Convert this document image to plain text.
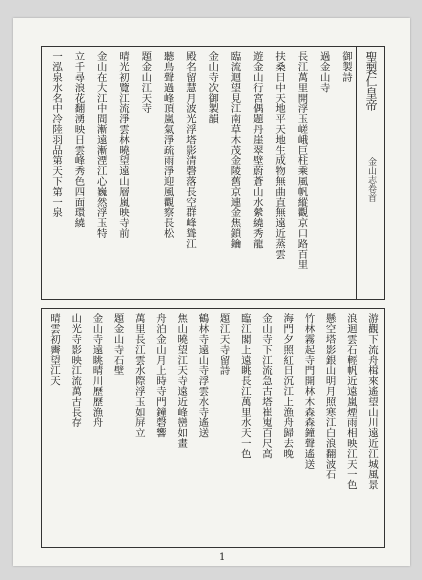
聖製仁皇帝
金山志卷首
御製詩
過金山寺
長江萬里開浮玉嵯峨巨柱乘風帆縱觀京口路百里
扶桑日中天地平天地生成物無曲直無遠近蒸雲
遊金山行宮偶題丹崖翠壁蔚蒼山水縈繞秀龍
臨流迴望見江南草木茂金陵舊京連金焦鎖鑰
金山寺次御製韻
殿名留慧月波光浮塔影清磬落長空群峰聳江
聽鳥聲過峰頂嵐氣淨疏雨淨迎風觀察長松
題金山江天寺
晴光初覽江流淨雲林曉望遠山層嵐映寺前
金山在大江中間漸遠漸湮江心巍然浮玉特
立千尋浪花翻湧映日雲峰秀色四面環繞
一泓泉水名中冷陸羽品第天下第一泉
游觀下流舟楫來遙望山川遠近江城風景
浪迴雲石輕帆近遠嵐煙雨相映江天一色
懸空塔影銀山明月照寒江白浪翻波石
竹林霧起寺門開林木森森鐘聲遙送
海門夕照紅日沉江上漁舟歸去晚
金山寺下江流急古塔崔嵬百尺高
臨江閣上遠眺長江萬里水天一色
題江天寺留詩
鶴林寺遠山寺浮雲水寺遙送
焦山曉望江天寺遠近峰巒如畫
舟泊金山月上時寺門鐘磬響
萬里長江雲水際浮玉如屏立
題金山寺石壁
金山寺遠眺晴川歷歷漁舟
山光寺影映江流萬古長存
晴雲初霽望江天
1
